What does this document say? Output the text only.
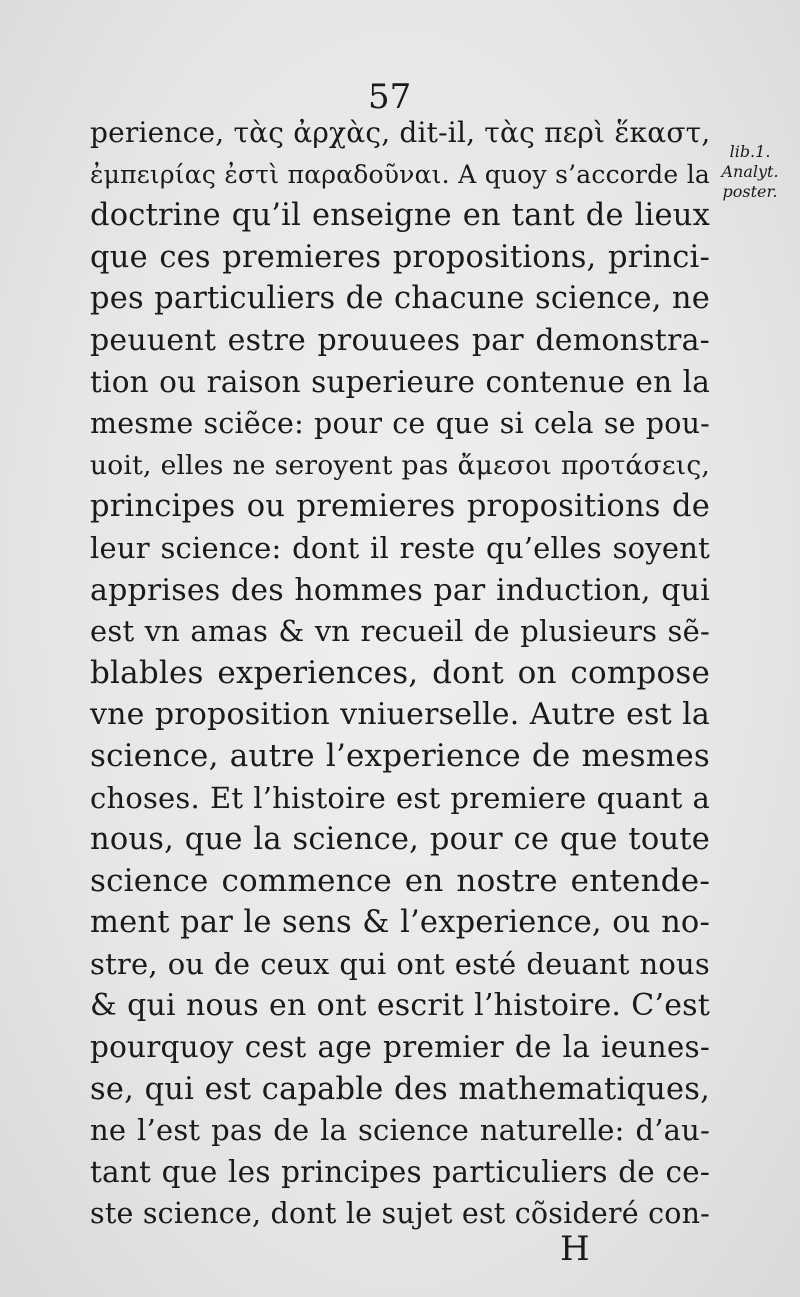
57
lib.1.
Analyt.
poster.
perience, τὰς ἀρχὰς, dit-il, τὰς περὶ ἕκαστ,
ἐμπειρίας ἐστὶ παραδοῦναι. A quoy s’accorde la
doctrine qu’il enseigne en tant de lieux
que ces premieres propositions, princi-
pes particuliers de chacune science, ne
peuuent estre prouuees par demonstra-
tion ou raison superieure contenue en la
mesme sciẽce: pour ce que si cela se pou-
uoit, elles ne seroyent pas ἄμεσοι προτάσεις,
principes ou premieres propositions de
leur science: dont il reste qu’elles soyent
apprises des hommes par induction, qui
est vn amas & vn recueil de plusieurs sẽ-
blables experiences, dont on compose
vne proposition vniuerselle. Autre est la
science, autre l’experience de mesmes
choses. Et l’histoire est premiere quant a
nous, que la science, pour ce que toute
science commence en nostre entende-
ment par le sens & l’experience, ou no-
stre, ou de ceux qui ont esté deuant nous
& qui nous en ont escrit l’histoire. C’est
pourquoy cest age premier de la ieunes-
se, qui est capable des mathematiques,
ne l’est pas de la science naturelle: d’au-
tant que les principes particuliers de ce-
ste science, dont le sujet est cõsideré con-
H
